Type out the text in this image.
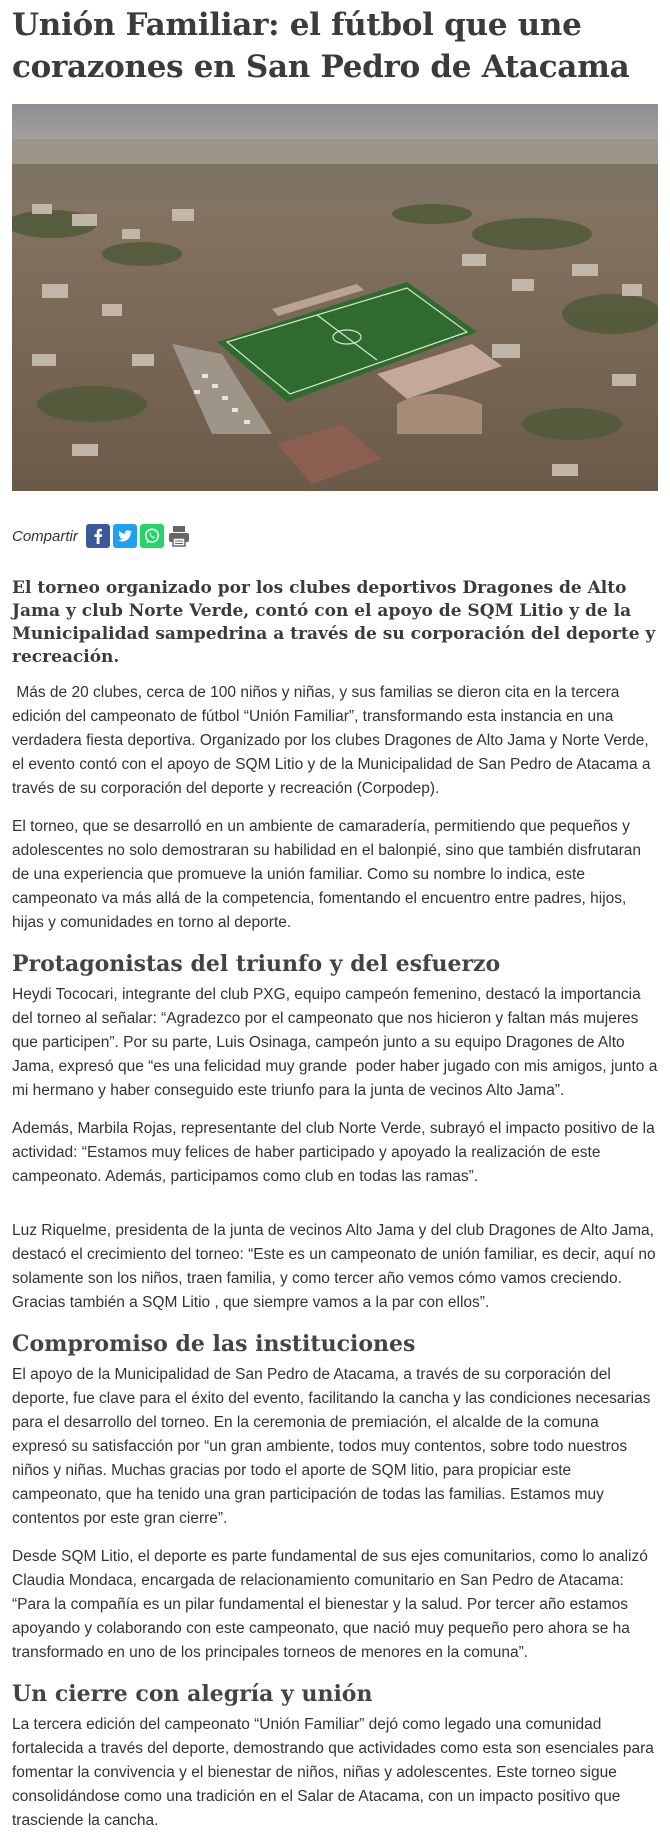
Unión Familiar: el fútbol que une corazones en San Pedro de Atacama
Compartir
El torneo organizado por los clubes deportivos Dragones de Alto Jama y club Norte Verde, contó con el apoyo de SQM Litio y de la Municipalidad sampedrina a través de su corporación del deporte y recreación.

Más de 20 clubes, cerca de 100 niños y niñas, y sus familias se dieron cita en la tercera edición del campeonato de fútbol “Unión Familiar”, transformando esta instancia en una verdadera fiesta deportiva. Organizado por los clubes Dragones de Alto Jama y Norte Verde, el evento contó con el apoyo de SQM Litio y de la Municipalidad de San Pedro de Atacama a través de su corporación del deporte y recreación (Corpodep).

El torneo, que se desarrolló en un ambiente de camaradería, permitiendo que pequeños y adolescentes no solo demostraran su habilidad en el balonpié, sino que también disfrutaran de una experiencia que promueve la unión familiar. Como su nombre lo indica, este campeonato va más allá de la competencia, fomentando el encuentro entre padres, hijos, hijas y comunidades en torno al deporte.

Protagonistas del triunfo y del esfuerzo

Heydi Tococari, integrante del club PXG, equipo campeón femenino, destacó la importancia del torneo al señalar: “Agradezco por el campeonato que nos hicieron y faltan más mujeres que participen”. Por su parte, Luis Osinaga, campeón junto a su equipo Dragones de Alto Jama, expresó que “es una felicidad muy grande  poder haber jugado con mis amigos, junto a mi hermano y haber conseguido este triunfo para la junta de vecinos Alto Jama”.

Además, Marbila Rojas, representante del club Norte Verde, subrayó el impacto positivo de la actividad: “Estamos muy felices de haber participado y apoyado la realización de este campeonato. Además, participamos como club en todas las ramas”.

Luz Riquelme, presidenta de la junta de vecinos Alto Jama y del club Dragones de Alto Jama, destacó el crecimiento del torneo: “Este es un campeonato de unión familiar, es decir, aquí no solamente son los niños, traen familia, y como tercer año vemos cómo vamos creciendo. Gracias también a SQM Litio , que siempre vamos a la par con ellos”.

Compromiso de las instituciones

El apoyo de la Municipalidad de San Pedro de Atacama, a través de su corporación del deporte, fue clave para el éxito del evento, facilitando la cancha y las condiciones necesarias para el desarrollo del torneo. En la ceremonia de premiación, el alcalde de la comuna expresó su satisfacción por “un gran ambiente, todos muy contentos, sobre todo nuestros niños y niñas. Muchas gracias por todo el aporte de SQM litio, para propiciar este campeonato, que ha tenido una gran participación de todas las familias. Estamos muy contentos por este gran cierre”.

Desde SQM Litio, el deporte es parte fundamental de sus ejes comunitarios, como lo analizó Claudia Mondaca, encargada de relacionamiento comunitario en San Pedro de Atacama: “Para la compañía es un pilar fundamental el bienestar y la salud. Por tercer año estamos apoyando y colaborando con este campeonato, que nació muy pequeño pero ahora se ha transformado en uno de los principales torneos de menores en la comuna”.

Un cierre con alegría y unión

La tercera edición del campeonato “Unión Familiar” dejó como legado una comunidad fortalecida a través del deporte, demostrando que actividades como esta son esenciales para fomentar la convivencia y el bienestar de niños, niñas y adolescentes. Este torneo sigue consolidándose como una tradición en el Salar de Atacama, con un impacto positivo que trasciende la cancha.
